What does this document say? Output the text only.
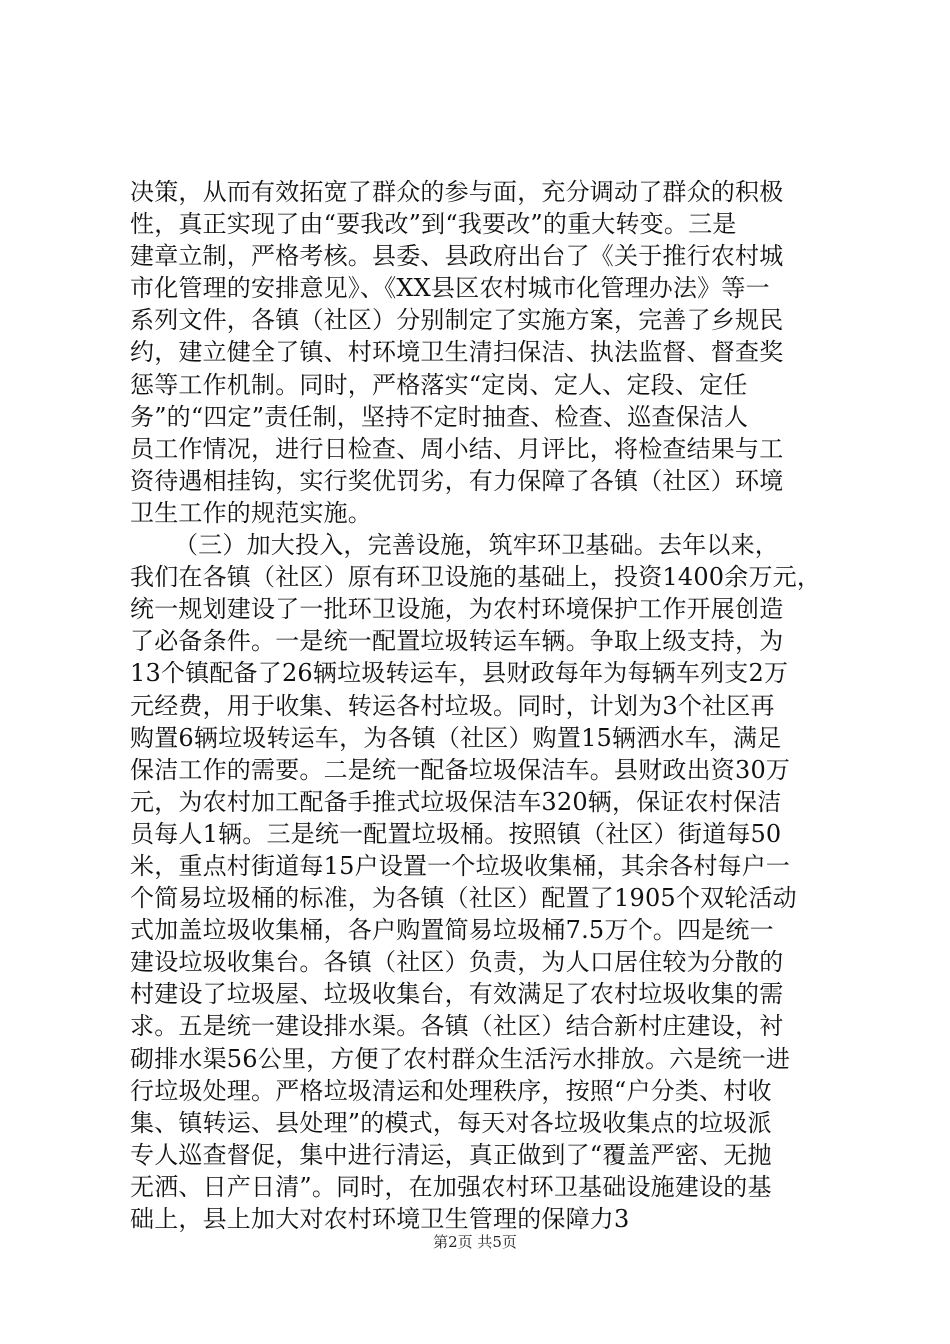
决策，从而有效拓宽了群众的参与面，充分调动了群众的积极
性，真正实现了由“要我改”到“我要改”的重大转变。三是
建章立制，严格考核。县委、县政府出台了《关于推行农村城
市化管理的安排意见》、《XX县区农村城市化管理办法》等一
系列文件，各镇（社区）分别制定了实施方案，完善了乡规民
约，建立健全了镇、村环境卫生清扫保洁、执法监督、督查奖
惩等工作机制。同时，严格落实“定岗、定人、定段、定任
务”的“四定”责任制，坚持不定时抽查、检查、巡查保洁人
员工作情况，进行日检查、周小结、月评比，将检查结果与工
资待遇相挂钩，实行奖优罚劣，有力保障了各镇（社区）环境
卫生工作的规范实施。
（三）加大投入，完善设施，筑牢环卫基础。去年以来，
我们在各镇（社区）原有环卫设施的基础上，投资1400余万元，
统一规划建设了一批环卫设施，为农村环境保护工作开展创造
了必备条件。一是统一配置垃圾转运车辆。争取上级支持，为
13个镇配备了26辆垃圾转运车，县财政每年为每辆车列支2万
元经费，用于收集、转运各村垃圾。同时，计划为3个社区再
购置6辆垃圾转运车，为各镇（社区）购置15辆洒水车，满足
保洁工作的需要。二是统一配备垃圾保洁车。县财政出资30万
元，为农村加工配备手推式垃圾保洁车320辆，保证农村保洁
员每人1辆。三是统一配置垃圾桶。按照镇（社区）街道每50
米，重点村街道每15户设置一个垃圾收集桶，其余各村每户一
个简易垃圾桶的标准，为各镇（社区）配置了1905个双轮活动
式加盖垃圾收集桶，各户购置简易垃圾桶7.5万个。四是统一
建设垃圾收集台。各镇（社区）负责，为人口居住较为分散的
村建设了垃圾屋、垃圾收集台，有效满足了农村垃圾收集的需
求。五是统一建设排水渠。各镇（社区）结合新村庄建设，衬
砌排水渠56公里，方便了农村群众生活污水排放。六是统一进
行垃圾处理。严格垃圾清运和处理秩序，按照“户分类、村收
集、镇转运、县处理”的模式，每天对各垃圾收集点的垃圾派
专人巡查督促，集中进行清运，真正做到了“覆盖严密、无抛
无洒、日产日清”。同时，在加强农村环卫基础设施建设的基
础上，县上加大对农村环境卫生管理的保障力3
第2页 共5页
